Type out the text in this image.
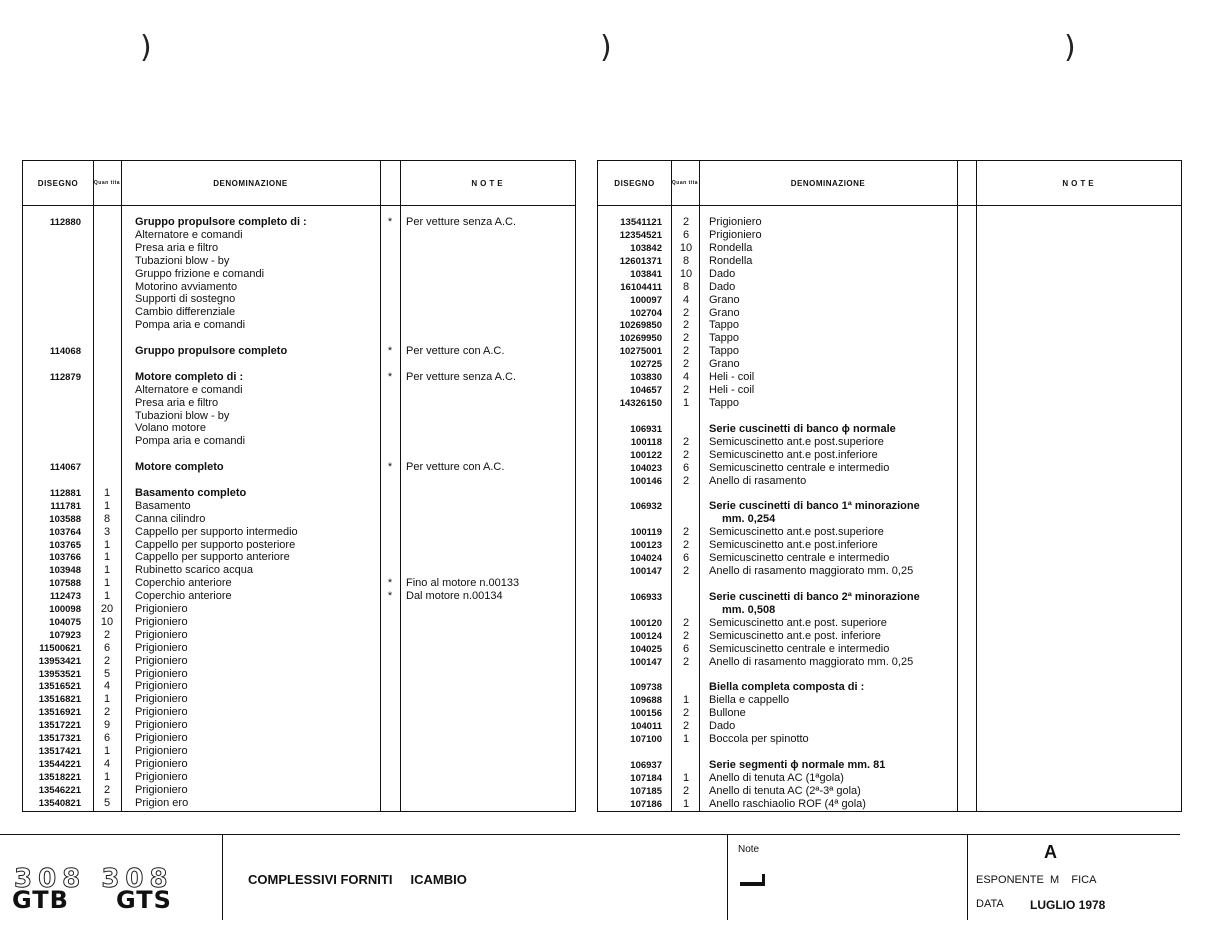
)	)	)
DISEGNO	Quan tita	DENOMINAZIONE	NOTE
112880	Gruppo propulsore completo di :	*	Per vetture senza A.C.
Alternatore e comandi
Presa aria e filtro
Tubazioni blow - by
Gruppo frizione e comandi
Motorino avviamento
Supporti di sostegno
Cambio differenziale
Pompa aria e comandi
114068	Gruppo propulsore completo	*	Per vetture con A.C.
112879	Motore completo di :	*	Per vetture senza A.C.
Alternatore e comandi
Presa aria e filtro
Tubazioni blow - by
Volano motore
Pompa aria e comandi
114067	Motore completo	*	Per vetture con A.C.
112881	1	Basamento completo
111781	1	Basamento
103588	8	Canna cilindro
103764	3	Cappello per supporto intermedio
103765	1	Cappello per supporto posteriore
103766	1	Cappello per supporto anteriore
103948	1	Rubinetto scarico acqua
107588	1	Coperchio anteriore	*	Fino al motore n.00133
112473	1	Coperchio anteriore	*	Dal motore n.00134
100098	20	Prigioniero
104075	10	Prigioniero
107923	2	Prigioniero
11500621	6	Prigioniero
13953421	2	Prigioniero
13953521	5	Prigioniero
13516521	4	Prigioniero
13516821	1	Prigioniero
13516921	2	Prigioniero
13517221	9	Prigioniero
13517321	6	Prigioniero
13517421	1	Prigioniero
13544221	4	Prigioniero
13518221	1	Prigioniero
13546221	2	Prigioniero
13540821	5	Prigion ero
DISEGNO	Quan tita	DENOMINAZIONE	NOTE
13541121	2	Prigioniero
12354521	6	Prigioniero
103842	10	Rondella
12601371	8	Rondella
103841	10	Dado
16104411	8	Dado
100097	4	Grano
102704	2	Grano
10269850	2	Tappo
10269950	2	Tappo
10275001	2	Tappo
102725	2	Grano
103830	4	Heli - coil
104657	2	Heli - coil
14326150	1	Tappo
106931	Serie cuscinetti di banco ϕ normale
100118	2	Semicuscinetto ant.e post.superiore
100122	2	Semicuscinetto ant.e post.inferiore
104023	6	Semicuscinetto centrale e intermedio
100146	2	Anello di rasamento
106932	Serie cuscinetti di banco 1ª minorazione
mm. 0,254
100119	2	Semicuscinetto ant.e post.superiore
100123	2	Semicuscinetto ant.e post.inferiore
104024	6	Semicuscinetto centrale e intermedio
100147	2	Anello di rasamento maggiorato mm. 0,25
106933	Serie cuscinetti di banco 2ª minorazione
mm. 0,508
100120	2	Semicuscinetto ant.e post. superiore
100124	2	Semicuscinetto ant.e post. inferiore
104025	6	Semicuscinetto centrale e intermedio
100147	2	Anello di rasamento maggiorato mm. 0,25
109738	Biella completa composta di :
109688	1	Biella e cappello
100156	2	Bullone
104011	2	Dado
107100	1	Boccola per spinotto
106937	Serie segmenti ϕ normale mm. 81
107184	1	Anello di tenuta AC (1ªgola)
107185	2	Anello di tenuta AC (2ª-3ª gola)
107186	1	Anello raschiaolio ROF (4ª gola)
308 308
GTB GTS
COMPLESSIVI FORNITI     ICAMBIO
Note	A
ESPONENTE  M    FICA
DATA LUGLIO 1978
